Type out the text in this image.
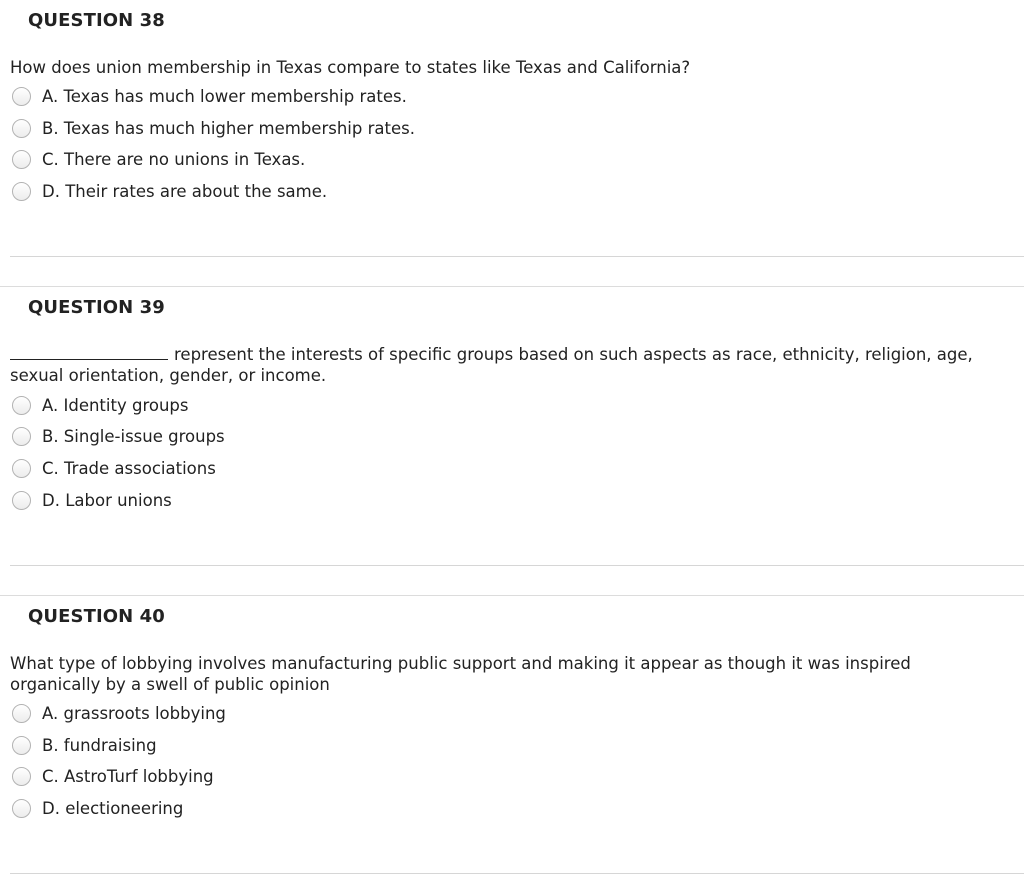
QUESTION 38
How does union membership in Texas compare to states like Texas and California?
A. Texas has much lower membership rates.
B. Texas has much higher membership rates.
C. There are no unions in Texas.
D. Their rates are about the same.
QUESTION 39
represent the interests of specific groups based on such aspects as race, ethnicity, religion, age, sexual orientation, gender, or income.
A. Identity groups
B. Single-issue groups
C. Trade associations
D. Labor unions
QUESTION 40
What type of lobbying involves manufacturing public support and making it appear as though it was inspired organically by a swell of public opinion
A. grassroots lobbying
B. fundraising
C. AstroTurf lobbying
D. electioneering
